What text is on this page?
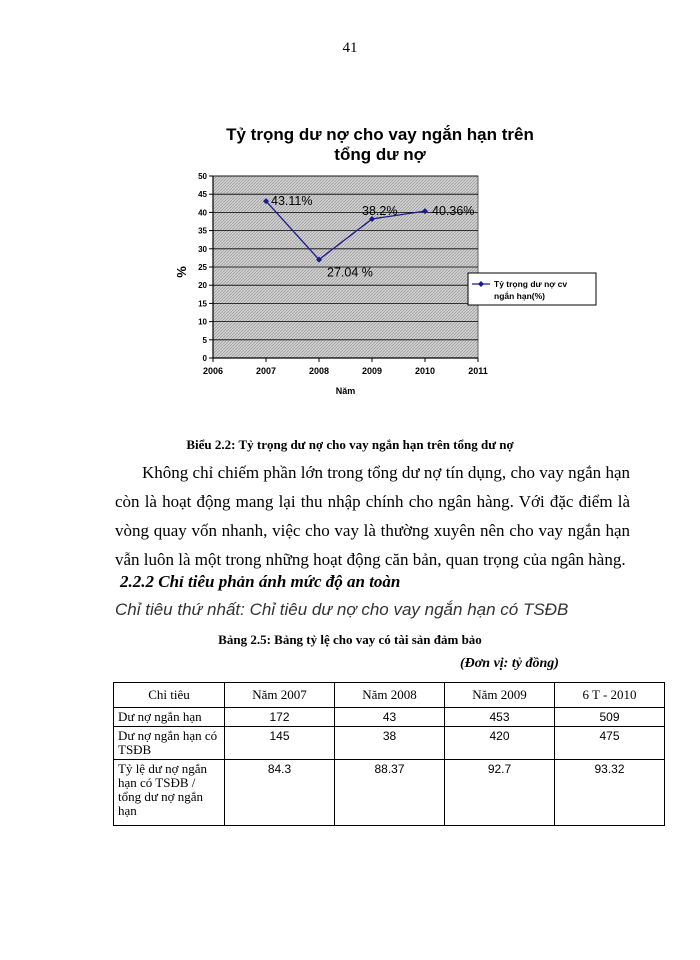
41
Tỷ trọng dư nợ cho vay ngắn hạn trên
tổng dư nợ
0
5
10
15
20
25
30
35
40
45
50
2006	2007	2008	2009	2010	2011
Năm
%
43.11%
27.04 %
38.2%	40.36%
Tỷ trọng dư nợ cv
ngắn hạn(%)
Biểu 2.2: Tỷ trọng dư nợ cho vay ngắn hạn trên tổng dư nợ
Không chỉ chiếm phần lớn trong tổng dư nợ tín dụng, cho vay ngắn hạn còn là hoạt động mang lại thu nhập chính cho ngân hàng. Với đặc điểm là vòng quay vốn nhanh, việc cho vay là thường xuyên nên cho vay ngắn hạn vẫn luôn là một trong những hoạt động căn bản, quan trọng của ngân hàng.
2.2.2 Chỉ tiêu phản ánh mức độ an toàn
Chỉ tiêu thứ nhất: Chỉ tiêu dư nợ cho vay ngắn hạn có TSĐB
Bảng 2.5: Bảng tỷ lệ cho vay có tài sản đảm bảo
(Đơn vị: tỷ đồng)
Chỉ tiêu	Năm 2007	Năm 2008	Năm 2009	6 T - 2010
Dư nợ ngắn hạn	172	43	453	509
Dư nợ ngắn hạn có TSĐB	145	38	420	475
Tỷ lệ dư nợ ngắn hạn có TSĐB / tổng dư nợ ngắn hạn	84.3	88.37	92.7	93.32
